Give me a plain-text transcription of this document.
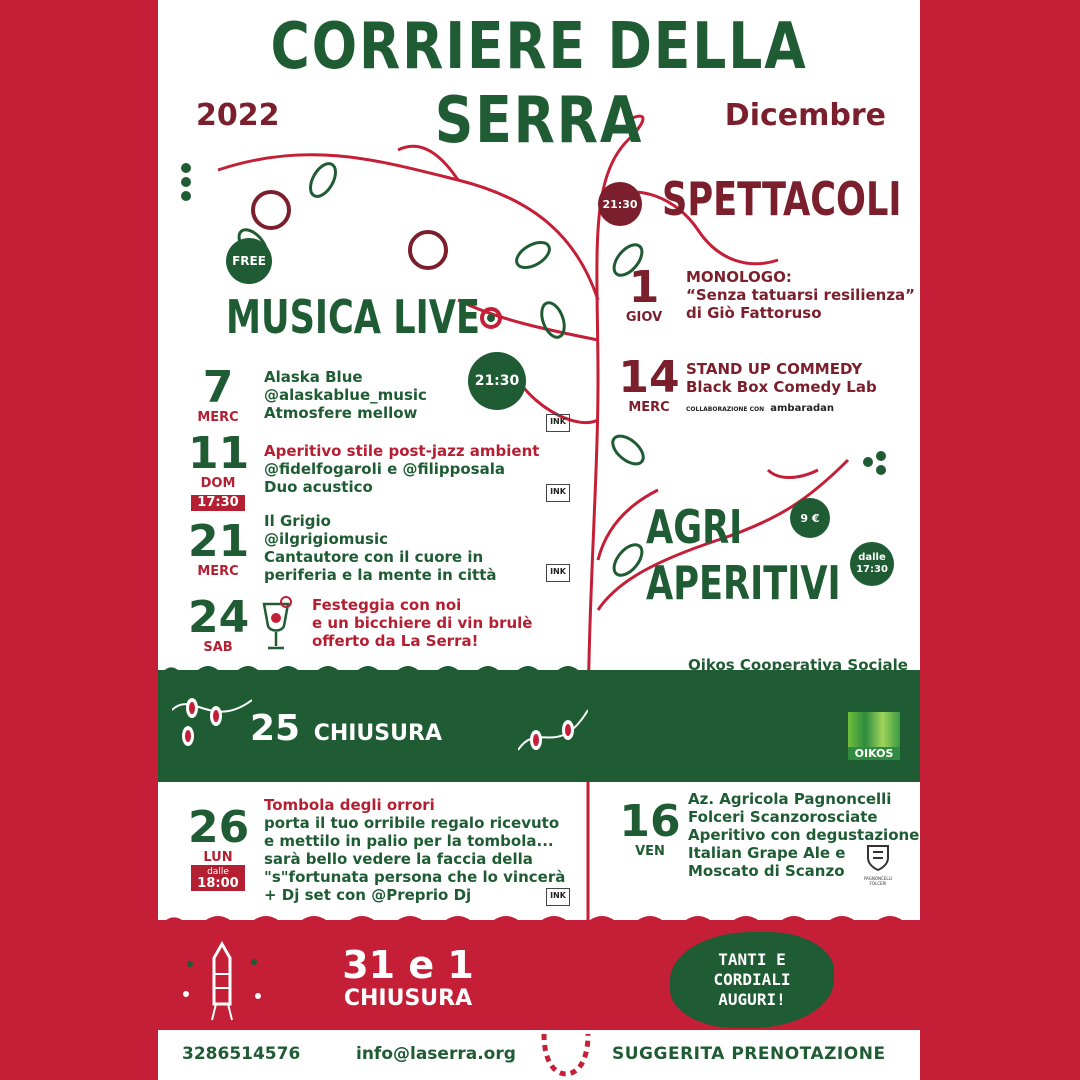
CORRIERE DELLA SERRA
2022	Dicembre
FREE
MUSICA LIVE
21:30
7
MERC
Alaska Blue
@alaskablue_music
Atmosfere mellow	INK
11
DOM
17:30
Aperitivo stile post-jazz ambient
@fidelfogaroli e @filipposala
Duo acustico	INK
21
MERC
Il Grigio
@ilgrigiomusic
Cantautore con il cuore in
periferia e la mente in città	INK
24
SAB
Festeggia con noi
e un bicchiere di vin brulè
offerto da La Serra!
25 CHIUSURA
26
LUN
dalle
18:00
Tombola degli orrori
porta il tuo orribile regalo ricevuto
e mettilo in palio per la tombola...
sarà bello vedere la faccia della
"s"fortunata persona che lo vincerà
+ Dj set con @Preprio Dj	INK
21:30 SPETTACOLI
1
GIOV
MONOLOGO:
“Senza tatuarsi resilienza”
di Giò Fattoruso
14
MERC
STAND UP COMMEDY
Black Box Comedy Lab
COLLABORAZIONE CON ambaradan
AGRI
APERITIVI
9 €
dalle
17:30
2
VEN
Oikos Cooperativa Sociale
Villa d’Alme
Aperitivo in abbinamento
a vini biologici
bergamaschi
OIKOS
16
VEN
Az. Agricola Pagnoncelli
Folceri Scanzorosciate
Aperitivo con degustazione
Italian Grape Ale e
Moscato di Scanzo	PAGNONCELLI FOLCERI
31 e 1
CHIUSURA
TANTI E
CORDIALI
AUGURI!
3286514576	info@laserra.org	SUGGERITA PRENOTAZIONE
